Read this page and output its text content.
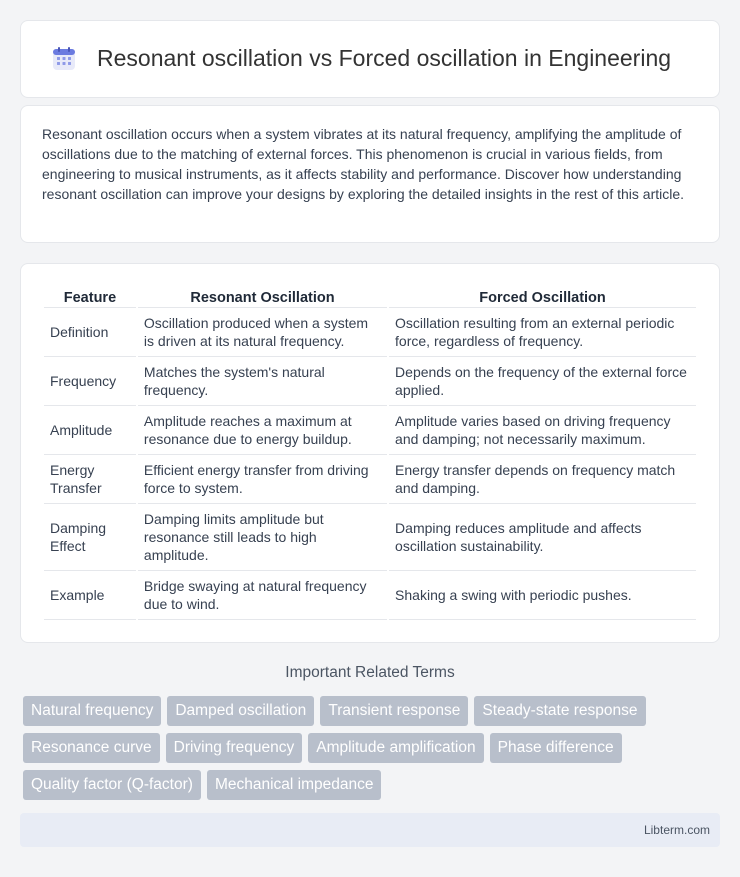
Resonant oscillation vs Forced oscillation in Engineering

Resonant oscillation occurs when a system vibrates at its natural frequency, amplifying the amplitude of oscillations due to the matching of external forces. This phenomenon is crucial in various fields, from engineering to musical instruments, as it affects stability and performance. Discover how understanding resonant oscillation can improve your designs by exploring the detailed insights in the rest of this article.

Feature	Resonant Oscillation	Forced Oscillation
Definition	Oscillation produced when a system is driven at its natural frequency.	Oscillation resulting from an external periodic force, regardless of frequency.
Frequency	Matches the system's natural frequency.	Depends on the frequency of the external force applied.
Amplitude	Amplitude reaches a maximum at resonance due to energy buildup.	Amplitude varies based on driving frequency and damping; not necessarily maximum.
Energy Transfer	Efficient energy transfer from driving force to system.	Energy transfer depends on frequency match and damping.
Damping Effect	Damping limits amplitude but resonance still leads to high amplitude.	Damping reduces amplitude and affects oscillation sustainability.
Example	Bridge swaying at natural frequency due to wind.	Shaking a swing with periodic pushes.
Important Related Terms
Natural frequency	Damped oscillation	Transient response	Steady-state response
Resonance curve	Driving frequency	Amplitude amplification	Phase difference
Quality factor (Q-factor)	Mechanical impedance
Libterm.com
